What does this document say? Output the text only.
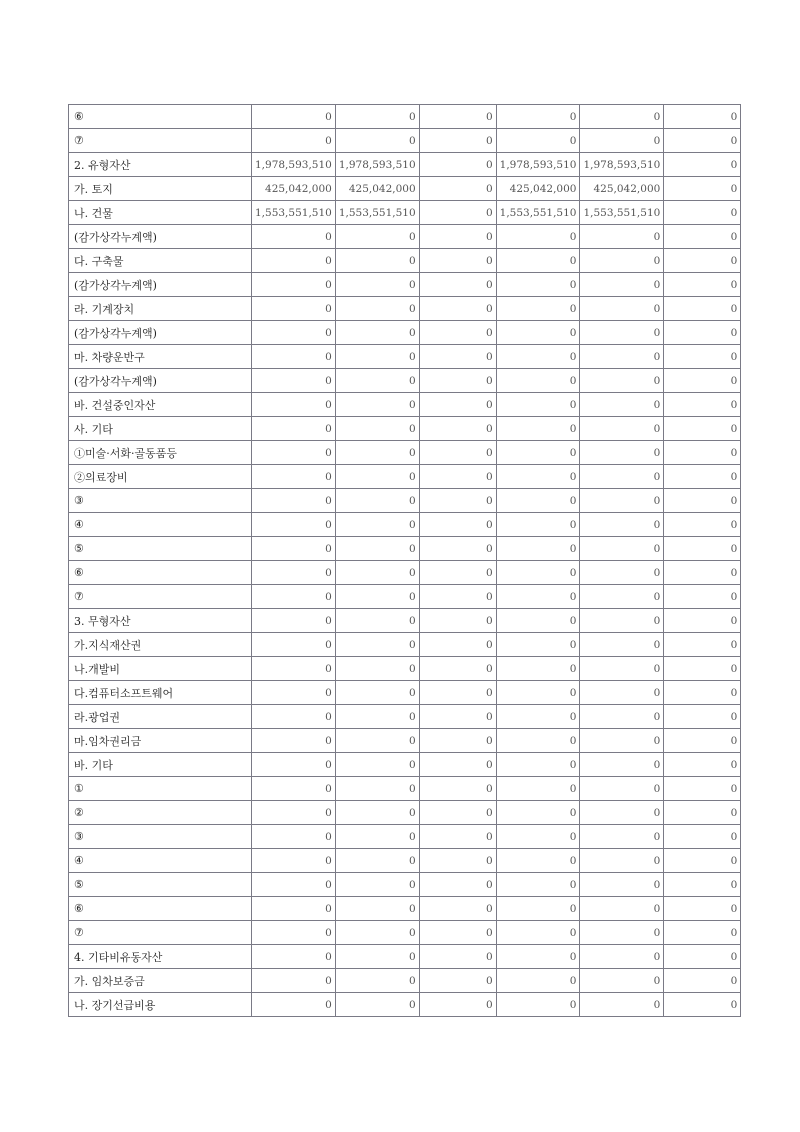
⑥	0	0	0	0	0	0
⑦	0	0	0	0	0	0
2. 유형자산	1,978,593,510	1,978,593,510	0	1,978,593,510	1,978,593,510	0
가. 토지	425,042,000	425,042,000	0	425,042,000	425,042,000	0
나. 건물	1,553,551,510	1,553,551,510	0	1,553,551,510	1,553,551,510	0
(감가상각누계액)	0	0	0	0	0	0
다. 구축물	0	0	0	0	0	0
(감가상각누계액)	0	0	0	0	0	0
라. 기계장치	0	0	0	0	0	0
(감가상각누계액)	0	0	0	0	0	0
마. 차량운반구	0	0	0	0	0	0
(감가상각누계액)	0	0	0	0	0	0
바. 건설중인자산	0	0	0	0	0	0
사. 기타	0	0	0	0	0	0
①미술·서화·골동품등	0	0	0	0	0	0
②의료장비	0	0	0	0	0	0
③	0	0	0	0	0	0
④	0	0	0	0	0	0
⑤	0	0	0	0	0	0
⑥	0	0	0	0	0	0
⑦	0	0	0	0	0	0
3. 무형자산	0	0	0	0	0	0
가.지식재산권	0	0	0	0	0	0
나.개발비	0	0	0	0	0	0
다.컴퓨터소프트웨어	0	0	0	0	0	0
라.광업권	0	0	0	0	0	0
마.임차권리금	0	0	0	0	0	0
바. 기타	0	0	0	0	0	0
①	0	0	0	0	0	0
②	0	0	0	0	0	0
③	0	0	0	0	0	0
④	0	0	0	0	0	0
⑤	0	0	0	0	0	0
⑥	0	0	0	0	0	0
⑦	0	0	0	0	0	0
4. 기타비유동자산	0	0	0	0	0	0
가. 임차보증금	0	0	0	0	0	0
나. 장기선급비용	0	0	0	0	0	0
